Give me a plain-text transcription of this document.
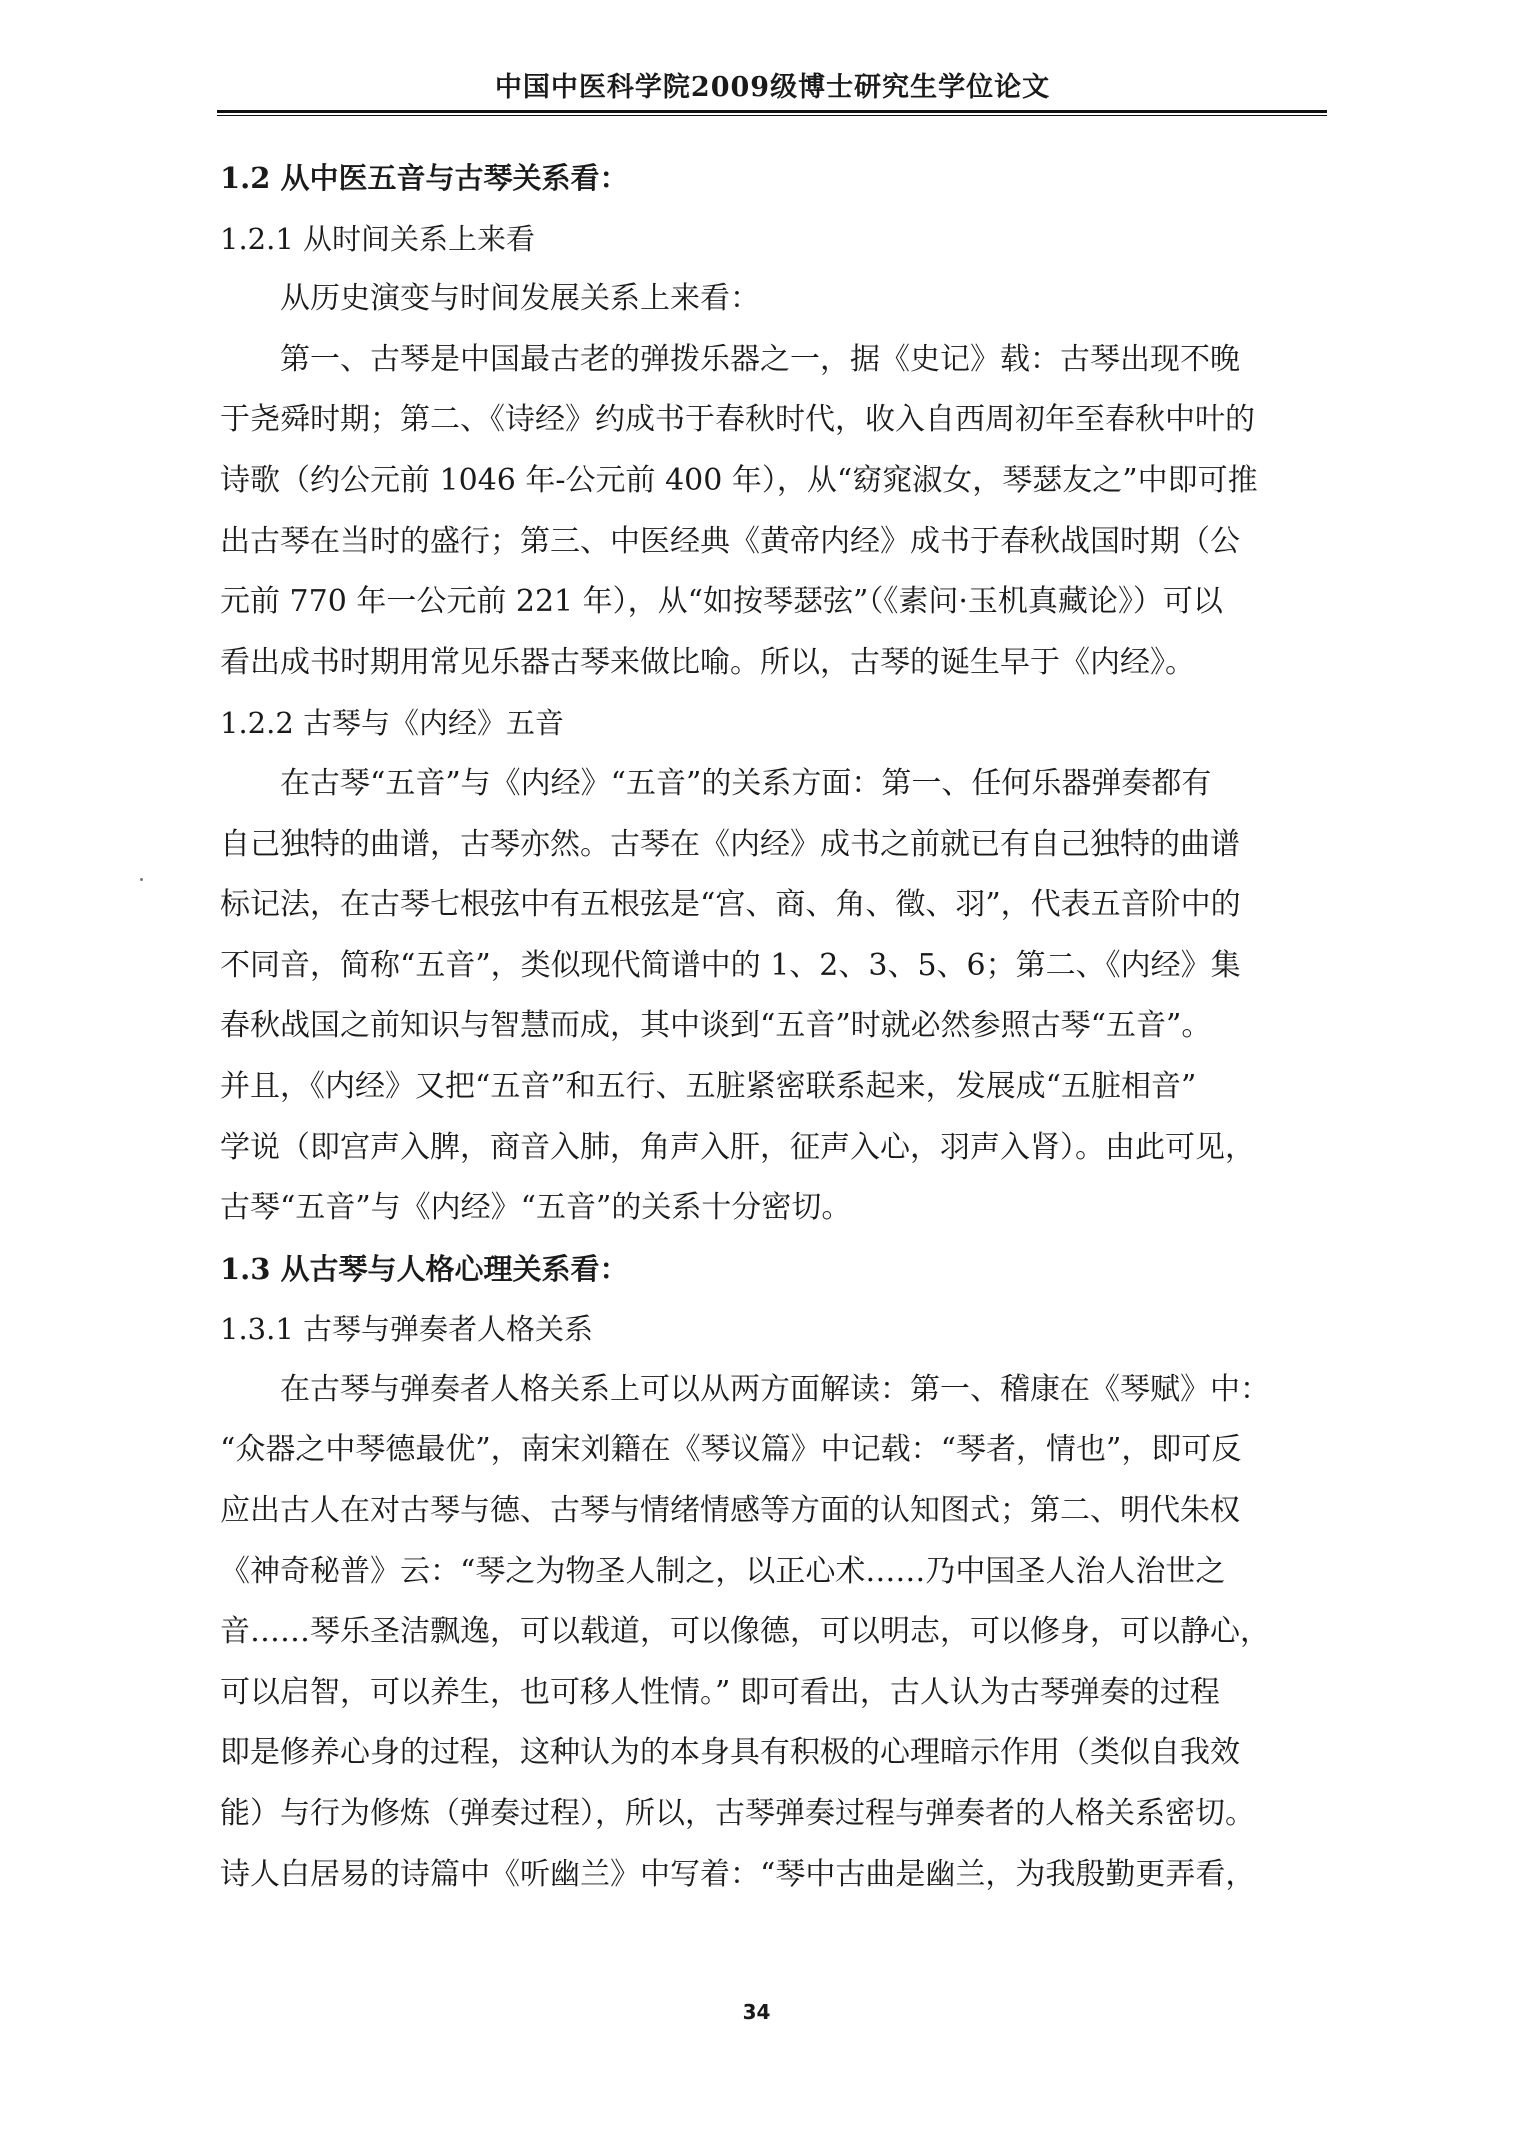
中国中医科学院2009级博士研究生学位论文
1.2 从中医五音与古琴关系看：
1.2.1 从时间关系上来看
从历史演变与时间发展关系上来看：
第一、古琴是中国最古老的弹拨乐器之一，据《史记》载：古琴出现不晚
于尧舜时期；第二、《诗经》约成书于春秋时代，收入自西周初年至春秋中叶的
诗歌（约公元前 1046 年-公元前 400 年），从“窈窕淑女，琴瑟友之”中即可推
出古琴在当时的盛行；第三、中医经典《黄帝内经》成书于春秋战国时期（公
元前 770 年一公元前 221 年），从“如按琴瑟弦”（《素问·玉机真藏论》）可以
看出成书时期用常见乐器古琴来做比喻。所以，古琴的诞生早于《内经》。
1.2.2 古琴与《内经》五音
在古琴“五音”与《内经》“五音”的关系方面：第一、任何乐器弹奏都有
自己独特的曲谱，古琴亦然。古琴在《内经》成书之前就已有自己独特的曲谱
标记法，在古琴七根弦中有五根弦是“宫、商、角、徵、羽”，代表五音阶中的
不同音，简称“五音”，类似现代简谱中的 1、2、3、5、6；第二、《内经》集
春秋战国之前知识与智慧而成，其中谈到“五音”时就必然参照古琴“五音”。
并且，《内经》又把“五音”和五行、五脏紧密联系起来，发展成“五脏相音”
学说（即宫声入脾，商音入肺，角声入肝，征声入心，羽声入肾）。由此可见，
古琴“五音”与《内经》“五音”的关系十分密切。
1.3 从古琴与人格心理关系看：
1.3.1 古琴与弹奏者人格关系
在古琴与弹奏者人格关系上可以从两方面解读：第一、稽康在《琴赋》中：
“众器之中琴德最优”，南宋刘籍在《琴议篇》中记载：“琴者，情也”，即可反
应出古人在对古琴与德、古琴与情绪情感等方面的认知图式；第二、明代朱权
《神奇秘普》云：“琴之为物圣人制之，以正心术……乃中国圣人治人治世之
音……琴乐圣洁飘逸，可以载道，可以像德，可以明志，可以修身，可以静心，
可以启智，可以养生，也可移人性情。” 即可看出，古人认为古琴弹奏的过程
即是修养心身的过程，这种认为的本身具有积极的心理暗示作用（类似自我效
能）与行为修炼（弹奏过程），所以，古琴弹奏过程与弹奏者的人格关系密切。
诗人白居易的诗篇中《听幽兰》中写着：“琴中古曲是幽兰，为我殷勤更弄看，
34
